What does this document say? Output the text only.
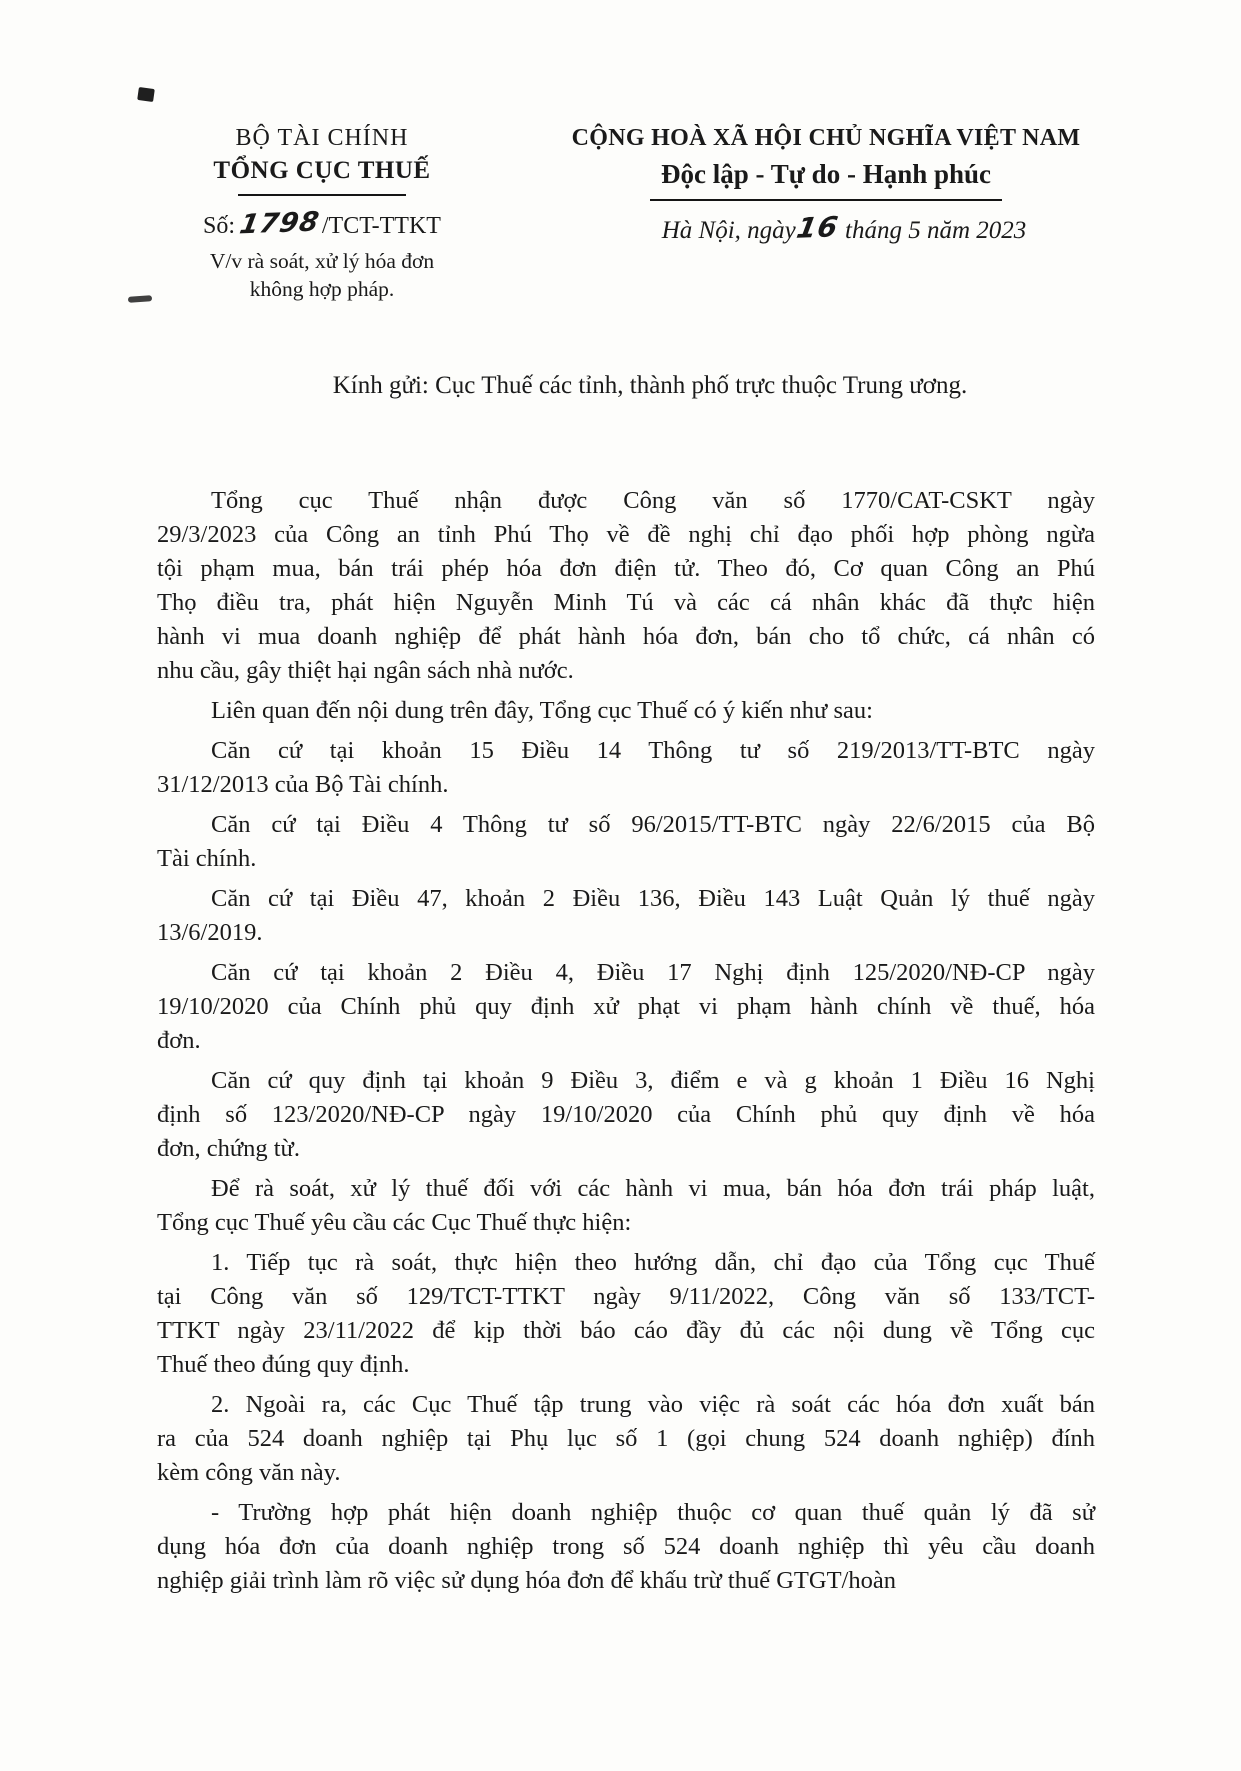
BỘ TÀI CHÍNH
TỔNG CỤC THUẾ
Số:1798/TCT-TTKT
V/v rà soát, xử lý hóa đơn
không hợp pháp.
CỘNG HOÀ XÃ HỘI CHỦ NGHĨA VIỆT NAM
Độc lập - Tự do - Hạnh phúc
Hà Nội, ngày16 tháng 5 năm 2023
Kính gửi: Cục Thuế các tỉnh, thành phố trực thuộc Trung ương.

Tổng cục Thuế nhận được Công văn số 1770/CAT-CSKT ngày
29/3/2023 của Công an tỉnh Phú Thọ về đề nghị chỉ đạo phối hợp phòng ngừa
tội phạm mua, bán trái phép hóa đơn điện tử. Theo đó, Cơ quan Công an Phú
Thọ điều tra, phát hiện Nguyễn Minh Tú và các cá nhân khác đã thực hiện
hành vi mua doanh nghiệp để phát hành hóa đơn, bán cho tổ chức, cá nhân có
nhu cầu, gây thiệt hại ngân sách nhà nước.

Liên quan đến nội dung trên đây, Tổng cục Thuế có ý kiến như sau:

Căn cứ tại khoản 15 Điều 14 Thông tư số 219/2013/TT-BTC ngày
31/12/2013 của Bộ Tài chính.

Căn cứ tại Điều 4 Thông tư số 96/2015/TT-BTC ngày 22/6/2015 của Bộ
Tài chính.

Căn cứ tại Điều 47, khoản 2 Điều 136, Điều 143 Luật Quản lý thuế ngày
13/6/2019.

Căn cứ tại khoản 2 Điều 4, Điều 17 Nghị định 125/2020/NĐ-CP ngày
19/10/2020 của Chính phủ quy định xử phạt vi phạm hành chính về thuế, hóa
đơn.

Căn cứ quy định tại khoản 9 Điều 3, điểm e và g khoản 1 Điều 16 Nghị
định số 123/2020/NĐ-CP ngày 19/10/2020 của Chính phủ quy định về hóa
đơn, chứng từ.

Để rà soát, xử lý thuế đối với các hành vi mua, bán hóa đơn trái pháp luật,
Tổng cục Thuế yêu cầu các Cục Thuế thực hiện:

1. Tiếp tục rà soát, thực hiện theo hướng dẫn, chỉ đạo của Tổng cục Thuế
tại Công văn số 129/TCT-TTKT ngày 9/11/2022, Công văn số 133/TCT-
TTKT ngày 23/11/2022 để kịp thời báo cáo đầy đủ các nội dung về Tổng cục
Thuế theo đúng quy định.

2. Ngoài ra, các Cục Thuế tập trung vào việc rà soát các hóa đơn xuất bán
ra của 524 doanh nghiệp tại Phụ lục số 1 (gọi chung 524 doanh nghiệp) đính
kèm công văn này.

- Trường hợp phát hiện doanh nghiệp thuộc cơ quan thuế quản lý đã sử
dụng hóa đơn của doanh nghiệp trong số 524 doanh nghiệp thì yêu cầu doanh
nghiệp giải trình làm rõ việc sử dụng hóa đơn để khấu trừ thuế GTGT/hoàn
